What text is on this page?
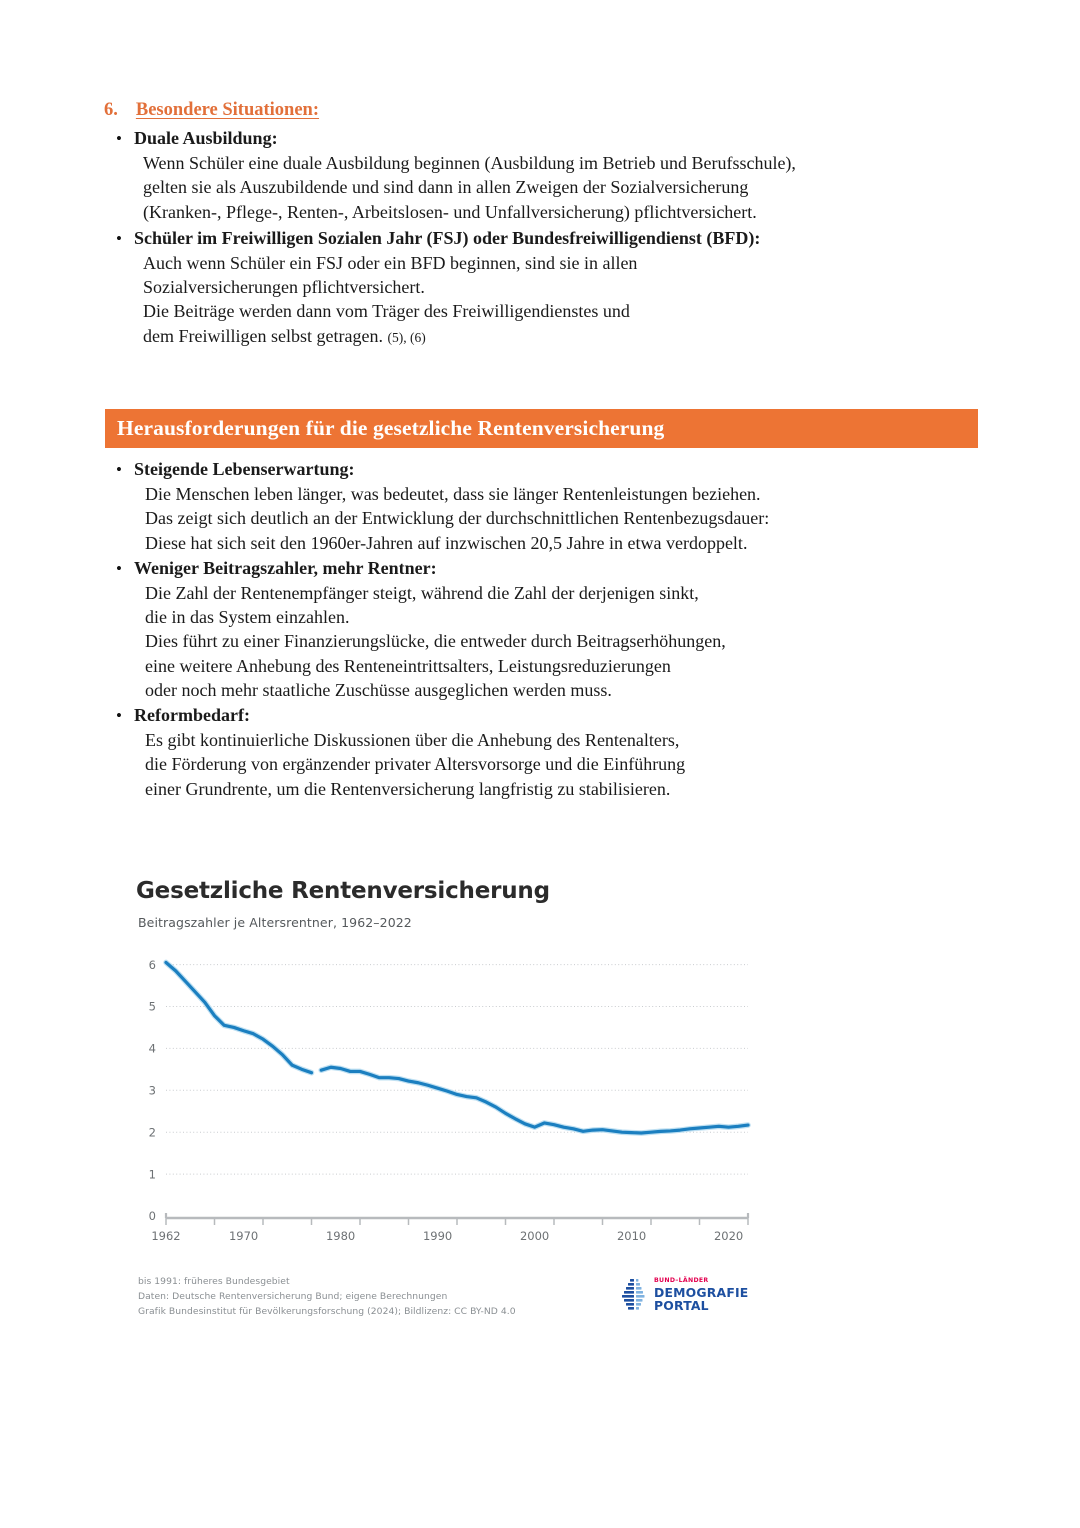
6. Besondere Situationen:
• Duale Ausbildung:
Wenn Schüler eine duale Ausbildung beginnen (Ausbildung im Betrieb und Berufsschule),
gelten sie als Auszubildende und sind dann in allen Zweigen der Sozialversicherung
(Kranken-, Pflege-, Renten-, Arbeitslosen- und Unfallversicherung) pflichtversichert.
• Schüler im Freiwilligen Sozialen Jahr (FSJ) oder Bundesfreiwilligendienst (BFD):
Auch wenn Schüler ein FSJ oder ein BFD beginnen, sind sie in allen
Sozialversicherungen pflichtversichert.
Die Beiträge werden dann vom Träger des Freiwilligendienstes und
dem Freiwilligen selbst getragen. (5), (6)
Herausforderungen für die gesetzliche Rentenversicherung
• Steigende Lebenserwartung:
Die Menschen leben länger, was bedeutet, dass sie länger Rentenleistungen beziehen.
Das zeigt sich deutlich an der Entwicklung der durchschnittlichen Rentenbezugsdauer:
Diese hat sich seit den 1960er-Jahren auf inzwischen 20,5 Jahre in etwa verdoppelt.
• Weniger Beitragszahler, mehr Rentner:
Die Zahl der Rentenempfänger steigt, während die Zahl der derjenigen sinkt,
die in das System einzahlen.
Dies führt zu einer Finanzierungslücke, die entweder durch Beitragserhöhungen,
eine weitere Anhebung des Renteneintrittsalters, Leistungsreduzierungen
oder noch mehr staatliche Zuschüsse ausgeglichen werden muss.
• Reformbedarf:
Es gibt kontinuierliche Diskussionen über die Anhebung des Rentenalters,
die Förderung von ergänzender privater Altersvorsorge und die Einführung
einer Grundrente, um die Rentenversicherung langfristig zu stabilisieren.
Gesetzliche Rentenversicherung
Beitragszahler je Altersrentner, 1962–2022
0
1
2
3
4
5
6
1962	1970	1980	1990	2000	2010	2020
bis 1991: früheres Bundesgebiet
Daten: Deutsche Rentenversicherung Bund; eigene Berechnungen
Grafik Bundesinstitut für Bevölkerungsforschung (2024); Bildlizenz: CC BY-ND 4.0
BUND–LÄNDER
DEMOGRAFIE
PORTAL
